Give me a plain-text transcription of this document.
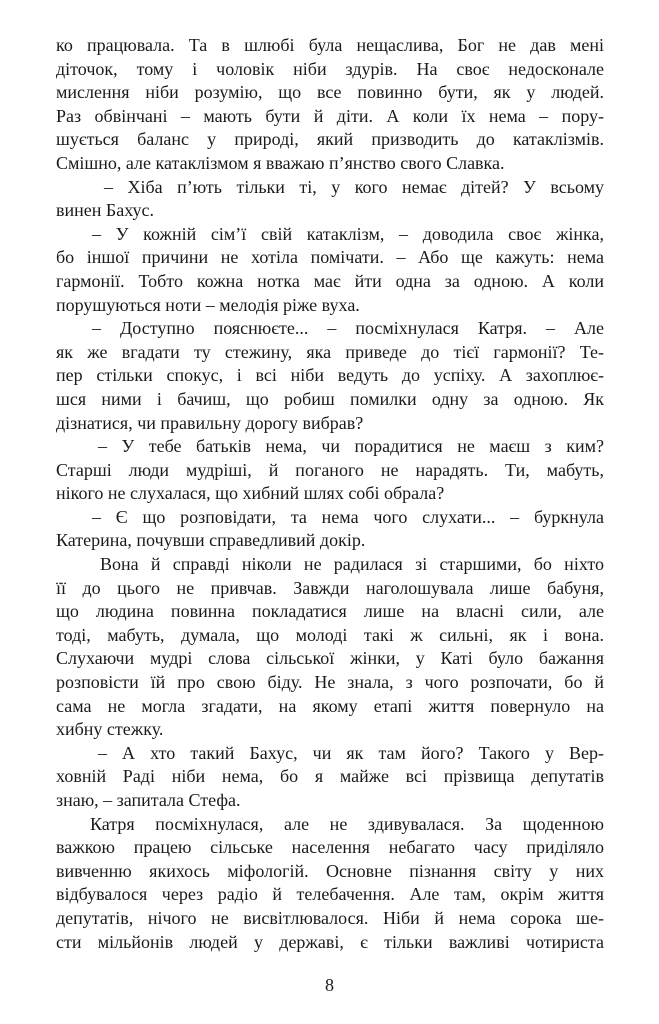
ко працювала. Та в шлюбі була нещаслива, Бог не дав мені
діточок, тому і чоловік ніби здурів. На своє недосконале
мислення ніби розумію, що все повинно бути, як у людей.
Раз обвінчані – мають бути й діти. А коли їх нема – пору-
шується баланс у природі, який призводить до катаклізмів.
Смішно, але катаклізмом я вважаю п’янство свого Славка.
– Хіба п’ють тільки ті, у кого немає дітей? У всьому
винен Бахус.
– У кожній сім’ї свій катаклізм, – доводила своє жінка,
бо іншої причини не хотіла помічати. – Або ще кажуть: нема
гармонії. Тобто кожна нотка має йти одна за одною. А коли
порушуються ноти – мелодія ріже вуха.
– Доступно пояснюєте... – посміхнулася Катря. – Але
як же вгадати ту стежину, яка приведе до тієї гармонії? Те-
пер стільки спокус, і всі ніби ведуть до успіху. А захоплює-
шся ними і бачиш, що робиш помилки одну за одною. Як
дізнатися, чи правильну дорогу вибрав?
– У тебе батьків нема, чи порадитися не маєш з ким?
Старші люди мудріші, й поганого не нарадять. Ти, мабуть,
нікого не слухалася, що хибний шлях собі обрала?
– Є що розповідати, та нема чого слухати... – буркнула
Катерина, почувши справедливий докір.
Вона й справді ніколи не радилася зі старшими, бо ніхто
її до цього не привчав. Завжди наголошувала лише бабуня,
що людина повинна покладатися лише на власні сили, але
тоді, мабуть, думала, що молоді такі ж сильні, як і вона.
Слухаючи мудрі слова сільської жінки, у Каті було бажання
розповісти їй про свою біду. Не знала, з чого розпочати, бо й
сама не могла згадати, на якому етапі життя повернуло на
хибну стежку.
– А хто такий Бахус, чи як там його? Такого у Вер-
ховній Раді ніби нема, бо я майже всі прізвища депутатів
знаю, – запитала Стефа.
Катря посміхнулася, але не здивувалася. За щоденною
важкою працею сільське населення небагато часу приділяло
вивченню якихось міфологій. Основне пізнання світу у них
відбувалося через радіо й телебачення. Але там, окрім життя
депутатів, нічого не висвітлювалося. Ніби й нема сорока ше-
сти мільйонів людей у державі, є тільки важливі чотириста
8
